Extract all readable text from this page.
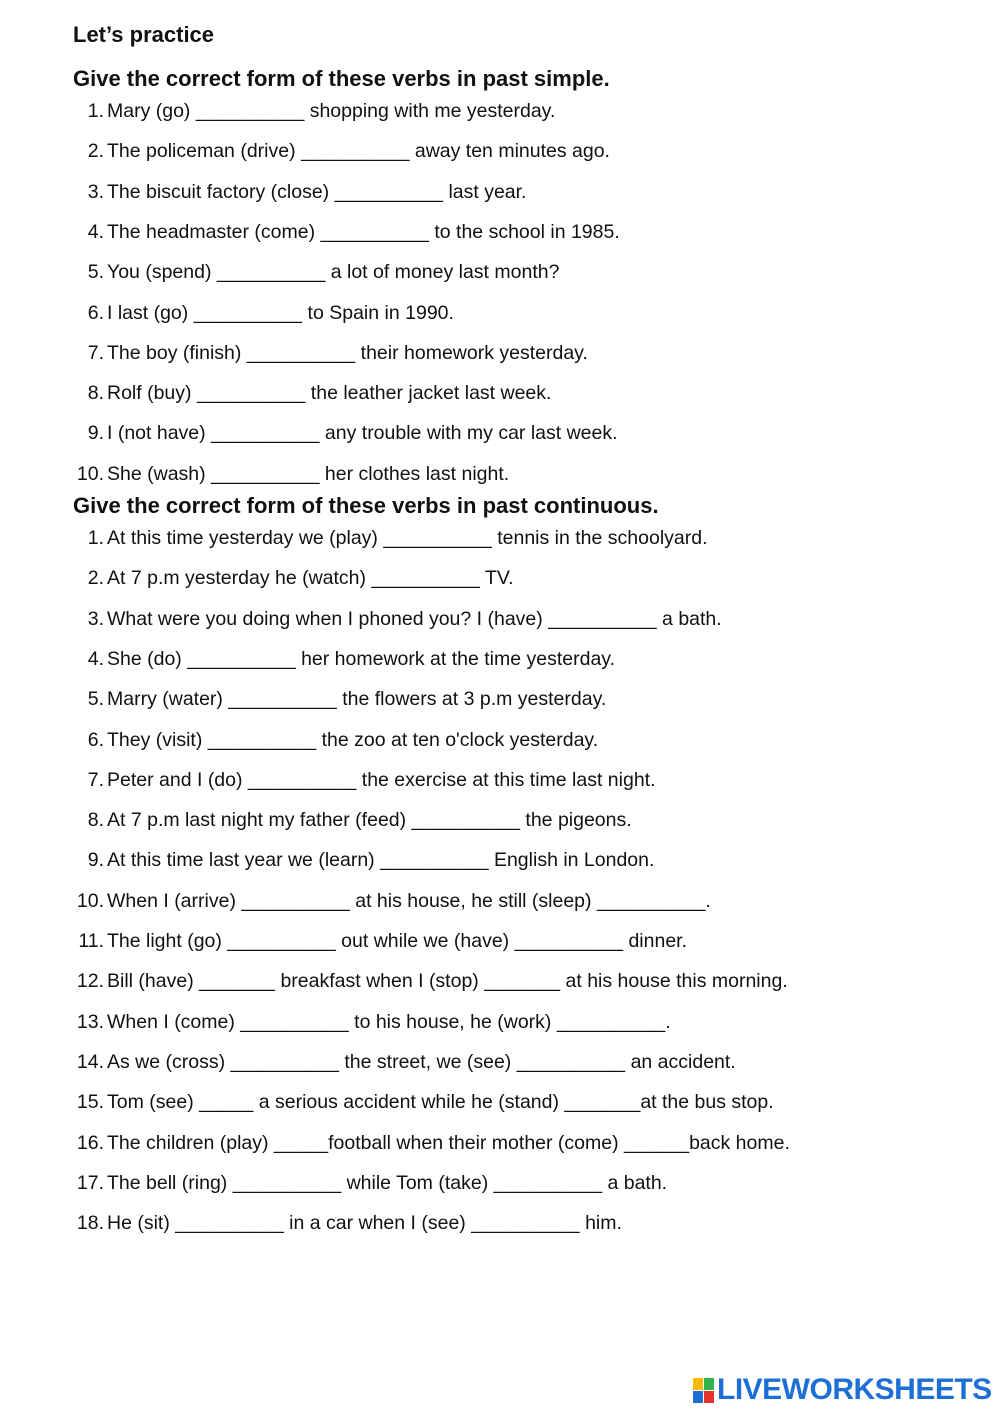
Let’s practice
Give the correct form of these verbs in past simple.
1. Mary (go) __________ shopping with me yesterday.
2. The policeman (drive) __________ away ten minutes ago.
3. The biscuit factory (close) __________ last year.
4. The headmaster (come) __________ to the school in 1985.
5. You (spend) __________ a lot of money last month?
6. I last (go) __________ to Spain in 1990.
7. The boy (finish) __________ their homework yesterday.
8. Rolf (buy) __________ the leather jacket last week.
9. I (not have) __________ any trouble with my car last week.
10. She (wash) __________ her clothes last night.
Give the correct form of these verbs in past continuous.
1. At this time yesterday we (play) __________ tennis in the schoolyard.
2. At 7 p.m yesterday he (watch) __________ TV.
3. What were you doing when I phoned you? I (have) __________ a bath.
4. She (do) __________ her homework at the time yesterday.
5. Marry (water) __________ the flowers at 3 p.m yesterday.
6. They (visit) __________ the zoo at ten o'clock yesterday.
7. Peter and I (do) __________ the exercise at this time last night.
8. At 7 p.m last night my father (feed) __________ the pigeons.
9. At this time last year we (learn) __________ English in London.
10. When I (arrive) __________ at his house, he still (sleep) __________.
11. The light (go) __________ out while we (have) __________ dinner.
12. Bill (have) _______ breakfast when I (stop) _______ at his house this morning.
13. When I (come) __________ to his house, he (work) __________.
14. As we (cross) __________ the street, we (see) __________ an accident.
15. Tom (see) _____ a serious accident while he (stand) _______at the bus stop.
16. The children (play) _____football when their mother (come) ______back home.
17. The bell (ring) __________ while Tom (take) __________ a bath.
18. He (sit) __________ in a car when I (see) __________ him.
LIVEWORKSHEETS
